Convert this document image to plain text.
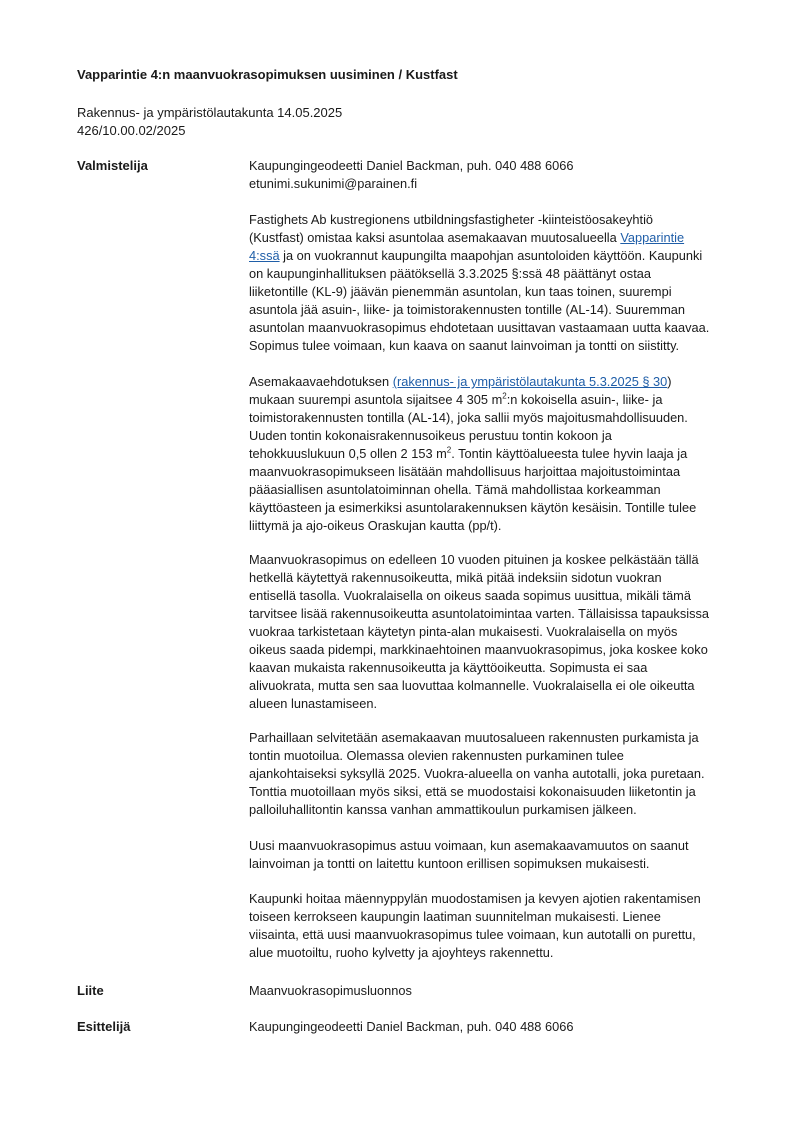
Vapparintie 4:n maanvuokrasopimuksen uusiminen / Kustfast
Rakennus- ja ympäristölautakunta 14.05.2025
426/10.00.02/2025
Valmistelija	Kaupungingeodeetti Daniel Backman, puh. 040 488 6066
etunimi.sukunimi@parainen.fi
Fastighets Ab kustregionens utbildningsfastigheter -kiinteistöosakeyhtiö
(Kustfast) omistaa kaksi asuntolaa asemakaavan muutosalueella Vapparintie
4:ssä ja on vuokrannut kaupungilta maapohjan asuntoloiden käyttöön. Kaupunki
on kaupunginhallituksen päätöksellä 3.3.2025 §:ssä 48 päättänyt ostaa
liiketontille (KL-9) jäävän pienemmän asuntolan, kun taas toinen, suurempi
asuntola jää asuin-, liike- ja toimistorakennusten tontille (AL-14). Suuremman
asuntolan maanvuokrasopimus ehdotetaan uusittavan vastaamaan uutta kaavaa.
Sopimus tulee voimaan, kun kaava on saanut lainvoiman ja tontti on siistitty.
Asemakaavaehdotuksen (rakennus- ja ympäristölautakunta 5.3.2025 § 30)
mukaan suurempi asuntola sijaitsee 4 305 $m^2:n$ kokoisella asuin-, liike- ja
toimistorakennusten tontilla (AL-14), joka sallii myös majoitusmahdollisuuden.
Uuden tontin kokonaisrakennusoikeus perustuu tontin kokoon ja
tehokkuuslukuun 0,5 ollen 2 153 $m^2$. Tontin käyttöalueesta tulee hyvin laaja ja
maanvuokrasopimukseen lisätään mahdollisuus harjoittaa majoitustoimintaa
pääasiallisen asuntolatoiminnan ohella. Tämä mahdollistaa korkeamman
käyttöasteen ja esimerkiksi asuntolarakennuksen käytön kesäisin. Tontille tulee
liittymä ja ajo-oikeus Oraskujan kautta (pp/t).
Maanvuokrasopimus on edelleen 10 vuoden pituinen ja koskee pelkästään tällä
hetkellä käytettyä rakennusoikeutta, mikä pitää indeksiin sidotun vuokran
entisellä tasolla. Vuokralaisella on oikeus saada sopimus uusittua, mikäli tämä
tarvitsee lisää rakennusoikeutta asuntolatoimintaa varten. Tällaisissa tapauksissa
vuokraa tarkistetaan käytetyn pinta-alan mukaisesti. Vuokralaisella on myös
oikeus saada pidempi, markkinaehtoinen maanvuokrasopimus, joka koskee koko
kaavan mukaista rakennusoikeutta ja käyttöoikeutta. Sopimusta ei saa
alivuokrata, mutta sen saa luovuttaa kolmannelle. Vuokralaisella ei ole oikeutta
alueen lunastamiseen.
Parhaillaan selvitetään asemakaavan muutosalueen rakennusten purkamista ja
tontin muotoilua. Olemassa olevien rakennusten purkaminen tulee
ajankohtaiseksi syksyllä 2025. Vuokra-alueella on vanha autotalli, joka puretaan.
Tonttia muotoillaan myös siksi, että se muodostaisi kokonaisuuden liiketontin ja
palloiluhallitontin kanssa vanhan ammattikoulun purkamisen jälkeen.
Uusi maanvuokrasopimus astuu voimaan, kun asemakaavamuutos on saanut
lainvoiman ja tontti on laitettu kuntoon erillisen sopimuksen mukaisesti.
Kaupunki hoitaa mäennyppylän muodostamisen ja kevyen ajotien rakentamisen
toiseen kerrokseen kaupungin laatiman suunnitelman mukaisesti. Lienee
viisainta, että uusi maanvuokrasopimus tulee voimaan, kun autotalli on purettu,
alue muotoiltu, ruoho kylvetty ja ajoyhteys rakennettu.
Liite	Maanvuokrasopimusluonnos
Esittelijä	Kaupungingeodeetti Daniel Backman, puh. 040 488 6066
